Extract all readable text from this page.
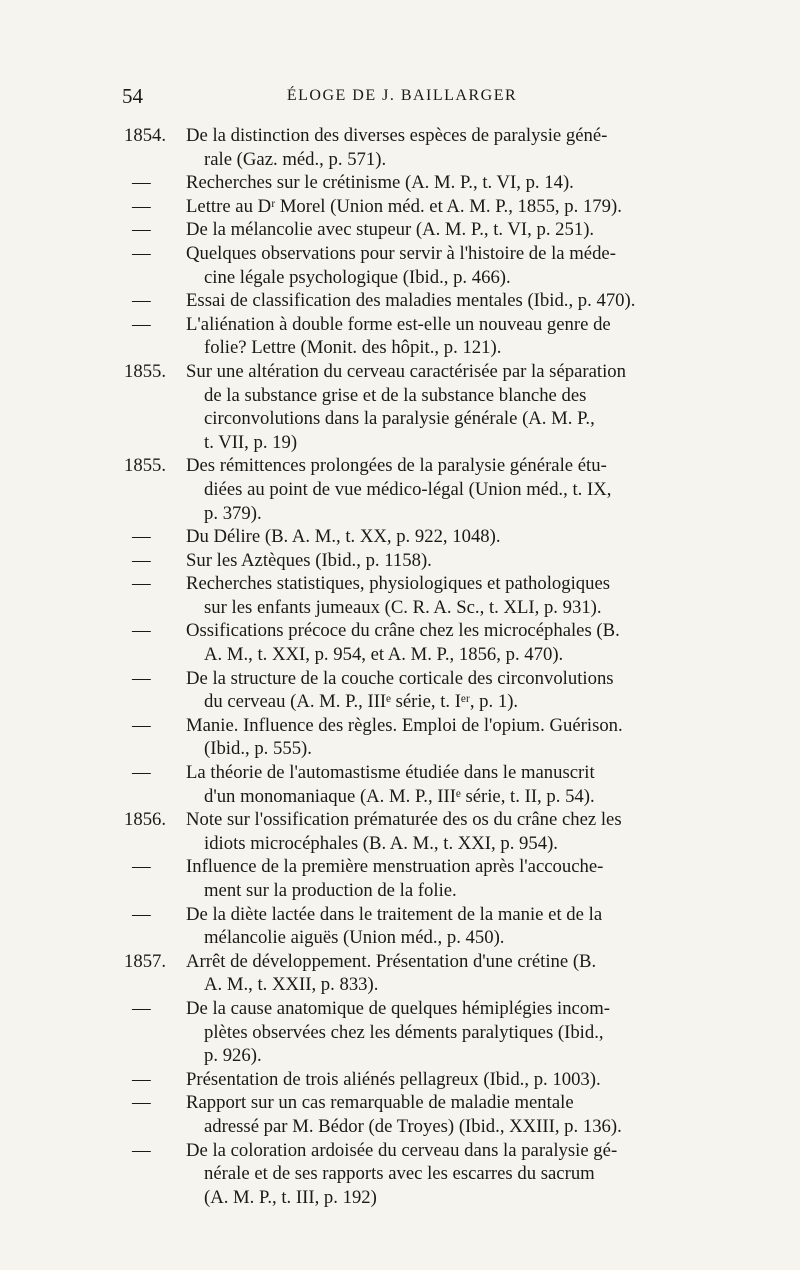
54	ÉLOGE DE J. BAILLARGER
1854.	De la distinction des diverses espèces de paralysie géné-
rale (Gaz. méd., p. 571).
—	Recherches sur le crétinisme (A. M. P., t. VI, p. 14).
—	Lettre au Dʳ Morel (Union méd. et A. M. P., 1855, p. 179).
—	De la mélancolie avec stupeur (A. M. P., t. VI, p. 251).
—	Quelques observations pour servir à l'histoire de la méde-
cine légale psychologique (Ibid., p. 466).
—	Essai de classification des maladies mentales (Ibid., p. 470).
—	L'aliénation à double forme est-elle un nouveau genre de
folie? Lettre (Monit. des hôpit., p. 121).
1855.	Sur une altération du cerveau caractérisée par la séparation
de la substance grise et de la substance blanche des
circonvolutions dans la paralysie générale (A. M. P.,
t. VII, p. 19)
1855.	Des rémittences prolongées de la paralysie générale étu-
diées au point de vue médico-légal (Union méd., t. IX,
p. 379).
—	Du Délire (B. A. M., t. XX, p. 922, 1048).
—	Sur les Aztèques (Ibid., p. 1158).
—	Recherches statistiques, physiologiques et pathologiques
sur les enfants jumeaux (C. R. A. Sc., t. XLI, p. 931).
—	Ossifications précoce du crâne chez les microcéphales (B.
A. M., t. XXI, p. 954, et A. M. P., 1856, p. 470).
—	De la structure de la couche corticale des circonvolutions
du cerveau (A. M. P., IIIᵉ série, t. Iᵉʳ, p. 1).
—	Manie. Influence des règles. Emploi de l'opium. Guérison.
(Ibid., p. 555).
—	La théorie de l'automastisme étudiée dans le manuscrit
d'un monomaniaque (A. M. P., IIIᵉ série, t. II, p. 54).
1856.	Note sur l'ossification prématurée des os du crâne chez les
idiots microcéphales (B. A. M., t. XXI, p. 954).
—	Influence de la première menstruation après l'accouche-
ment sur la production de la folie.
—	De la diète lactée dans le traitement de la manie et de la
mélancolie aiguës (Union méd., p. 450).
1857.	Arrêt de développement. Présentation d'une crétine (B.
A. M., t. XXII, p. 833).
—	De la cause anatomique de quelques hémiplégies incom-
plètes observées chez les déments paralytiques (Ibid.,
p. 926).
—	Présentation de trois aliénés pellagreux (Ibid., p. 1003).
—	Rapport sur un cas remarquable de maladie mentale
adressé par M. Bédor (de Troyes) (Ibid., XXIII, p. 136).
—	De la coloration ardoisée du cerveau dans la paralysie gé-
nérale et de ses rapports avec les escarres du sacrum
(A. M. P., t. III, p. 192)
